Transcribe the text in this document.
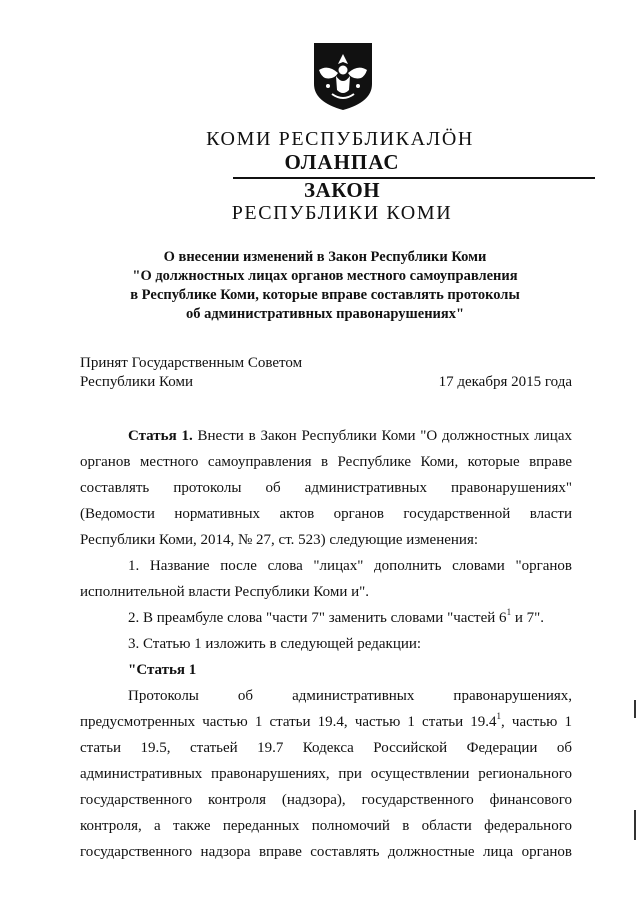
КОМИ РЕСПУБЛИКАЛӦН
ОЛАНПАС
ЗАКОН
РЕСПУБЛИКИ КОМИ
О внесении изменений в Закон Республики Коми
"О должностных лицах органов местного самоуправления
в Республике Коми, которые вправе составлять протоколы
об административных правонарушениях"
Принят Государственным Советом
Республики Коми	17 декабря 2015 года
Статья 1. Внести в Закон Республики Коми "О должностных лицах
органов местного самоуправления в Республике Коми, которые вправе
составлять протоколы об административных правонарушениях"
(Ведомости нормативных актов органов государственной власти
Республики Коми, 2014, № 27, ст. 523) следующие изменения:
1. Название после слова "лицах" дополнить словами "органов
исполнительной власти Республики Коми и".
2. В преамбуле слова "части 7" заменить словами "частей $6^1$ и 7".
3. Статью 1 изложить в следующей редакции:
"Статья 1
Протоколы об административных правонарушениях,
предусмотренных частью 1 статьи 19.4, частью 1 статьи 19.4$^1$, частью 1
статьи 19.5, статьей 19.7 Кодекса Российской Федерации об
административных правонарушениях, при осуществлении регионального
государственного контроля (надзора), государственного финансового
контроля, а также переданных полномочий в области федерального
государственного надзора вправе составлять должностные лица органов
